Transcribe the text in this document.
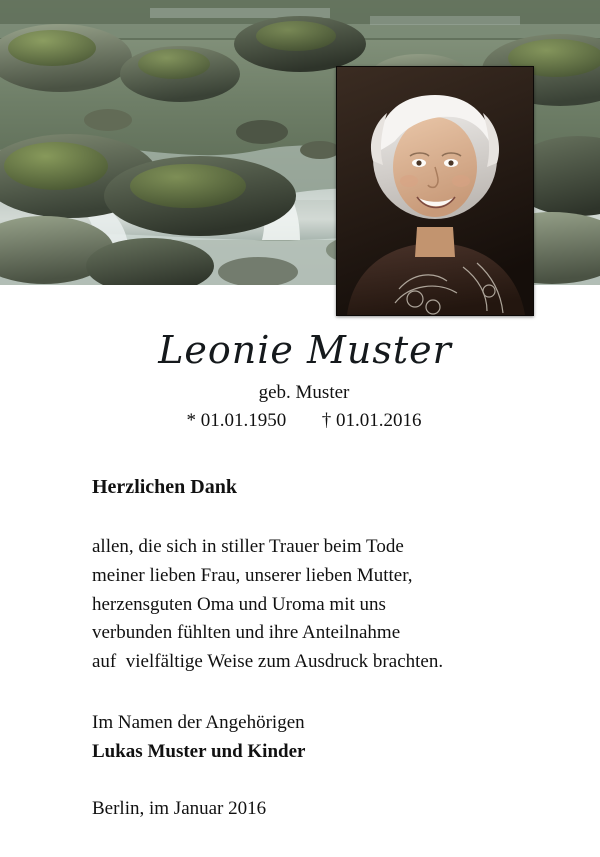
Leonie Muster
geb. Muster
* 01.01.1950 † 01.01.2016
Herzlichen Dank
allen, die sich in stiller Trauer beim Tode
meiner lieben Frau, unserer lieben Mutter,
herzensguten Oma und Uroma mit uns
verbunden fühlten und ihre Anteilnahme
auf  vielfältige Weise zum Ausdruck brachten.
Im Namen der Angehörigen
Lukas Muster und Kinder
Berlin, im Januar 2016
